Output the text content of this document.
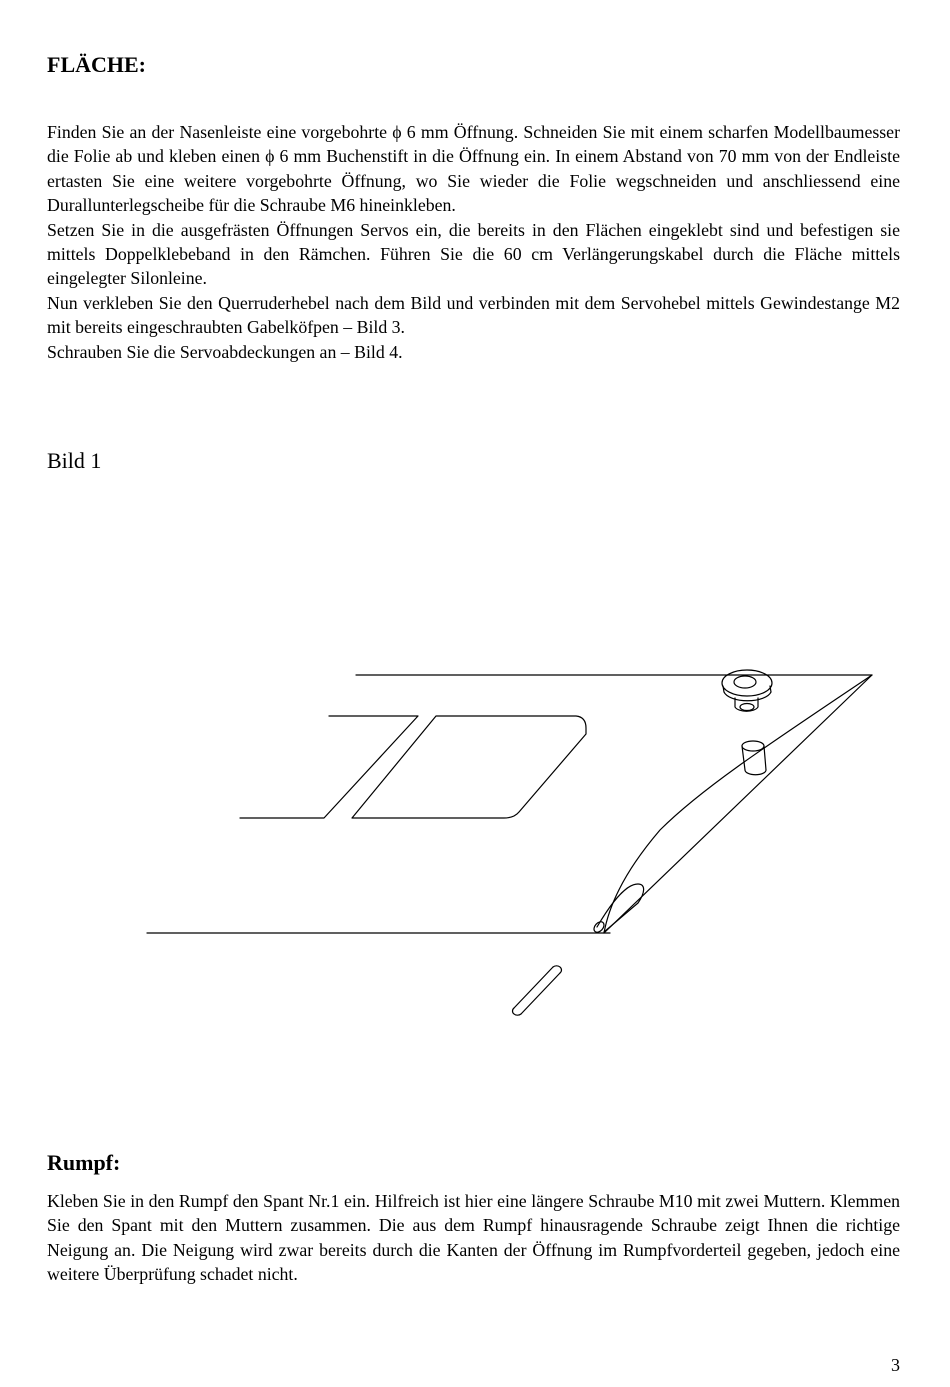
FLÄCHE:

Finden Sie an der Nasenleiste eine vorgebohrte ϕ 6 mm Öffnung. Schneiden Sie mit einem scharfen Modellbaumesser die Folie ab und kleben einen ϕ 6 mm Buchenstift in die Öffnung ein. In einem Abstand von 70 mm von der Endleiste ertasten Sie eine weitere vorgebohrte Öffnung, wo Sie wieder die Folie wegschneiden und anschliessend eine Durallunterlegscheibe für die Schraube M6 hineinkleben.

Setzen Sie in die ausgefrästen Öffnungen Servos ein, die bereits in den Flächen eingeklebt sind und befestigen sie mittels Doppelklebeband in den Rämchen. Führen Sie die 60 cm Verlängerungskabel durch die Fläche mittels eingelegter Silonleine.

Nun verkleben Sie den Querruderhebel nach dem Bild und verbinden mit dem Servohebel mittels Gewindestange M2 mit bereits eingeschraubten Gabelköfpen – Bild 3.

Schrauben Sie die Servoabdeckungen an – Bild 4.

Bild 1
Rumpf:

Kleben Sie in den Rumpf den Spant Nr.1 ein. Hilfreich ist hier eine längere Schraube M10 mit zwei Muttern. Klemmen Sie den Spant mit den Muttern zusammen. Die aus dem Rumpf hinausragende Schraube zeigt Ihnen die richtige Neigung an. Die Neigung wird zwar bereits durch die Kanten der Öffnung im Rumpfvorderteil gegeben, jedoch eine weitere Überprüfung schadet nicht.

3
